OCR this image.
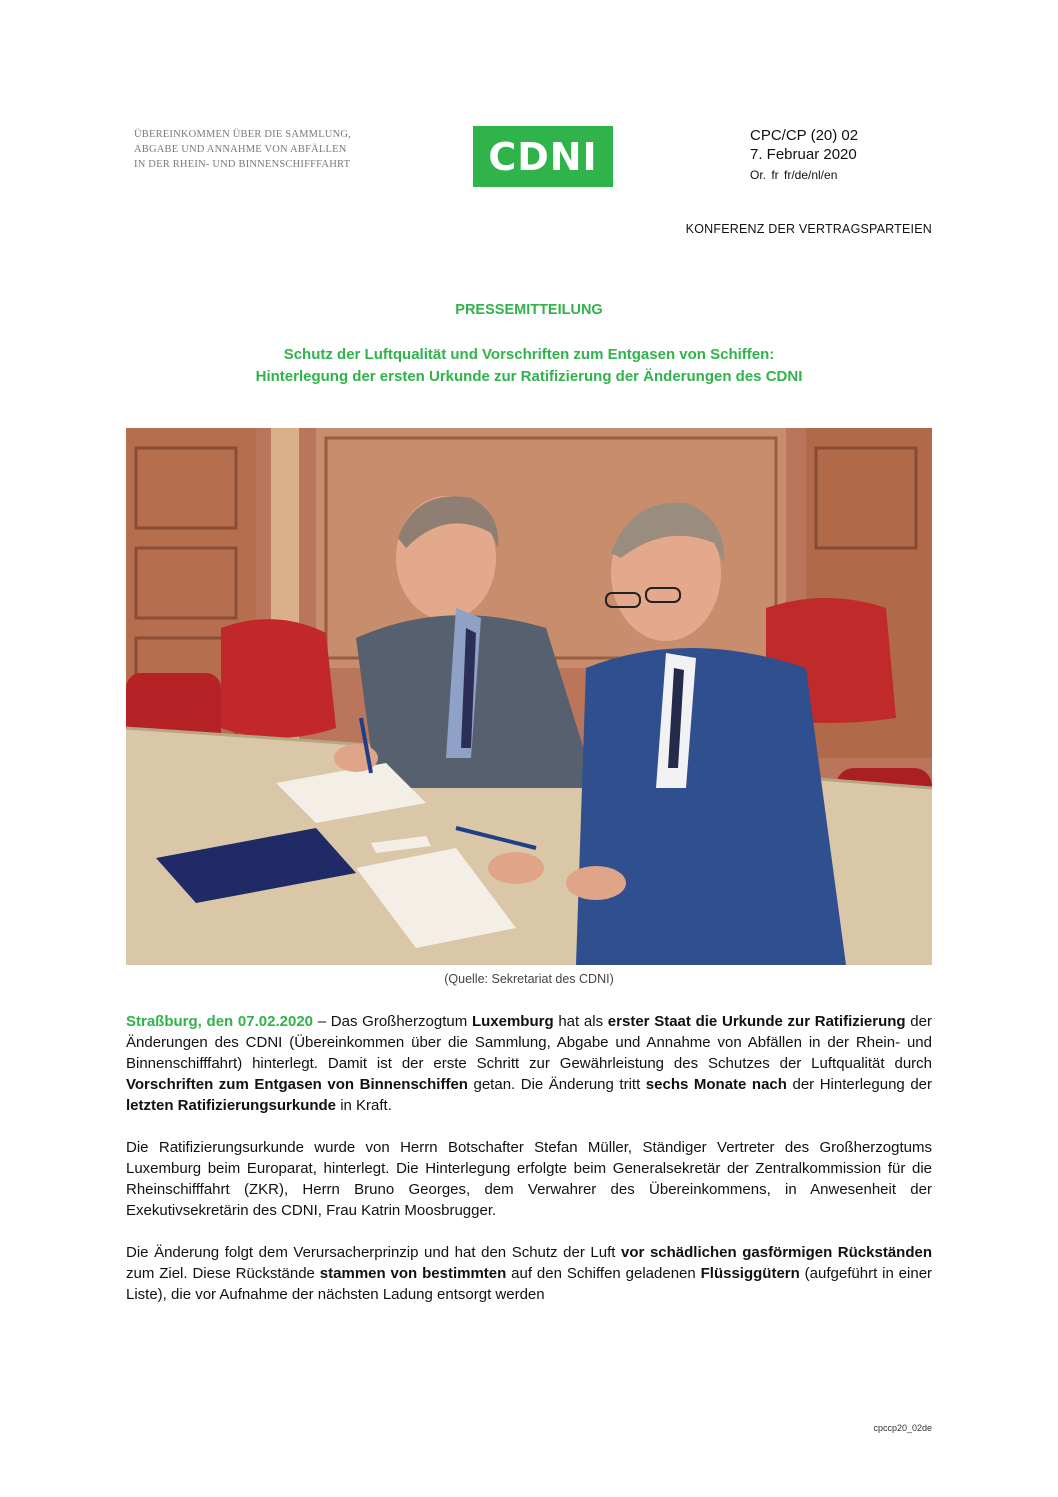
ÜBEREINKOMMEN ÜBER DIE SAMMLUNG,
ABGABE UND ANNAHME VON ABFÄLLEN
IN DER RHEIN- UND BINNENSCHIFFFAHRT	CDNI	CPC/CP (20) 02
7. Februar 2020
Or. fr fr/de/nl/en
KONFERENZ DER VERTRAGSPARTEIEN
PRESSEMITTEILUNG
Schutz der Luftqualität und Vorschriften zum Entgasen von Schiffen:
Hinterlegung der ersten Urkunde zur Ratifizierung der Änderungen des CDNI
(Quelle: Sekretariat des CDNI)

Straßburg, den 07.02.2020 – Das Großherzogtum Luxemburg hat als erster Staat die Urkunde zur Ratifizierung der Änderungen des CDNI (Übereinkommen über die Sammlung, Abgabe und Annahme von Abfällen in der Rhein- und Binnenschifffahrt) hinterlegt. Damit ist der erste Schritt zur Gewährleistung des Schutzes der Luftqualität durch Vorschriften zum Entgasen von Binnenschiffen getan. Die Änderung tritt sechs Monate nach der Hinterlegung der letzten Ratifizierungsurkunde in Kraft.

Die Ratifizierungsurkunde wurde von Herrn Botschafter Stefan Müller, Ständiger Vertreter des Großherzogtums Luxemburg beim Europarat, hinterlegt. Die Hinterlegung erfolgte beim Generalsekretär der Zentralkommission für die Rheinschifffahrt (ZKR), Herrn Bruno Georges, dem Verwahrer des Übereinkommens, in Anwesenheit der Exekutivsekretärin des CDNI, Frau Katrin Moosbrugger.

Die Änderung folgt dem Verursacherprinzip und hat den Schutz der Luft vor schädlichen gasförmigen Rückständen zum Ziel. Diese Rückstände stammen von bestimmten auf den Schiffen geladenen Flüssiggütern (aufgeführt in einer Liste), die vor Aufnahme der nächsten Ladung entsorgt werden

cpccp20_02de
